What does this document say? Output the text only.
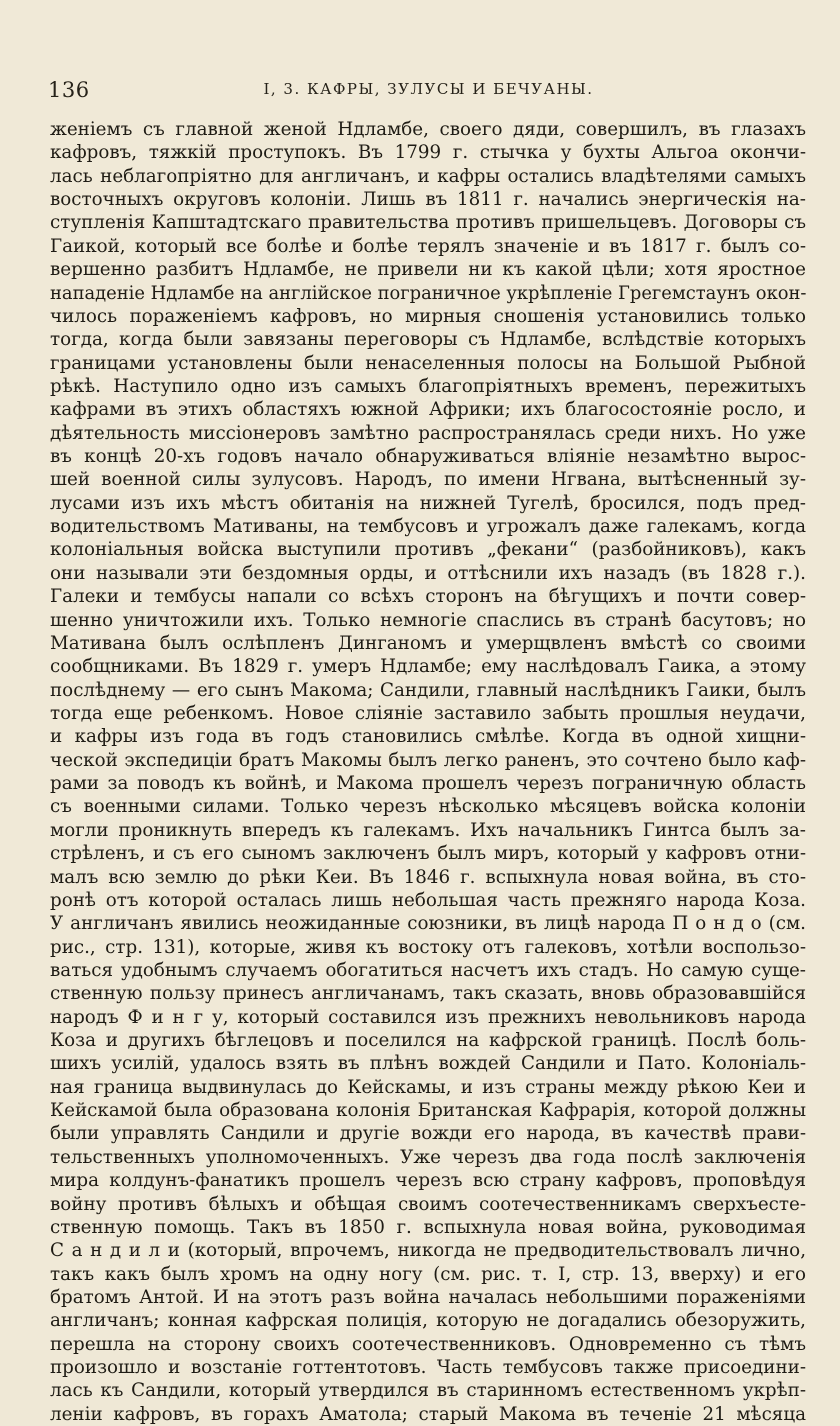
136	I, 3. КАФРЫ, ЗУЛУСЫ И БЕЧУАНЫ.
женіемъ съ главной женой Ндламбе, своего дяди, совершилъ, въ глазахъ
кафровъ, тяжкій проступокъ. Въ 1799 г. стычка у бухты Альгоа окончи-
лась неблагопріятно для англичанъ, и кафры остались владѣтелями самыхъ
восточныхъ округовъ колоніи. Лишь въ 1811 г. начались энергическія на-
ступленія Капштадтскаго правительства противъ пришельцевъ. Договоры съ
Гаикой, который все болѣе и болѣе терялъ значеніе и въ 1817 г. былъ со-
вершенно разбитъ Ндламбе, не привели ни къ какой цѣли; хотя яростное
нападеніе Ндламбе на англійское пограничное укрѣпленіе Грегемстаунъ окон-
чилось пораженіемъ кафровъ, но мирныя сношенія установились только
тогда, когда были завязаны переговоры съ Ндламбе, вслѣдствіе которыхъ
границами установлены были ненаселенныя полосы на Большой Рыбной
рѣкѣ. Наступило одно изъ самыхъ благопріятныхъ временъ, пережитыхъ
кафрами въ этихъ областяхъ южной Африки; ихъ благосостояніе росло, и
дѣятельность миссіонеровъ замѣтно распространялась среди нихъ. Но уже
въ концѣ 20-хъ годовъ начало обнаруживаться вліяніе незамѣтно вырос-
шей военной силы зулусовъ. Народъ, по имени Нгвана, вытѣсненный зу-
лусами изъ ихъ мѣстъ обитанія на нижней Тугелѣ, бросился, подъ пред-
водительствомъ Мативаны, на тембусовъ и угрожалъ даже галекамъ, когда
колоніальныя войска выступили противъ „фекани“ (разбойниковъ), какъ
они называли эти бездомныя орды, и оттѣснили ихъ назадъ (въ 1828 г.).
Галеки и тембусы напали со всѣхъ сторонъ на бѣгущихъ и почти совер-
шенно уничтожили ихъ. Только немногіе спаслись въ странѣ басутовъ; но
Мативана былъ ослѣпленъ Динганомъ и умерщвленъ вмѣстѣ со своими
сообщниками. Въ 1829 г. умеръ Ндламбе; ему наслѣдовалъ Гаика, а этому
послѣднему — его сынъ Макома; Сандили, главный наслѣдникъ Гаики, былъ
тогда еще ребенкомъ. Новое сліяніе заставило забыть прошлыя неудачи,
и кафры изъ года въ годъ становились смѣлѣе. Когда въ одной хищни-
ческой экспедиціи братъ Макомы былъ легко раненъ, это сочтено было каф-
рами за поводъ къ войнѣ, и Макома прошелъ черезъ пограничную область
съ военными силами. Только черезъ нѣсколько мѣсяцевъ войска колоніи
могли проникнуть впередъ къ галекамъ. Ихъ начальникъ Гинтса былъ за-
стрѣленъ, и съ его сыномъ заключенъ былъ миръ, который у кафровъ отни-
малъ всю землю до рѣки Кеи. Въ 1846 г. вспыхнула новая война, въ сто-
ронѣ отъ которой осталась лишь небольшая часть прежняго народа Коза.
У англичанъ явились неожиданные союзники, въ лицѣ народа П о н д о (см.
рис., стр. 131), которые, живя къ востоку отъ галековъ, хотѣли воспользо-
ваться удобнымъ случаемъ обогатиться насчетъ ихъ стадъ. Но самую суще-
ственную пользу принесъ англичанамъ, такъ сказать, вновь образовавшійся
народъ Ф и н г у, который составился изъ прежнихъ невольниковъ народа
Коза и другихъ бѣглецовъ и поселился на кафрской границѣ. Послѣ боль-
шихъ усилій, удалось взять въ плѣнъ вождей Сандили и Пато. Колоніаль-
ная граница выдвинулась до Кейскамы, и изъ страны между рѣкою Кеи и
Кейскамой была образована колонія Британская Кафрарія, которой должны
были управлять Сандили и другіе вожди его народа, въ качествѣ прави-
тельственныхъ уполномоченныхъ. Уже черезъ два года послѣ заключенія
мира колдунъ-фанатикъ прошелъ черезъ всю страну кафровъ, проповѣдуя
войну противъ бѣлыхъ и обѣщая своимъ соотечественникамъ сверхъесте-
ственную помощь. Такъ въ 1850 г. вспыхнула новая война, руководимая
С а н д и л и (который, впрочемъ, никогда не предводительствовалъ лично,
такъ какъ былъ хромъ на одну ногу (см. рис. т. I, стр. 13, вверху) и его
братомъ Антой. И на этотъ разъ война началась небольшими пораженіями
англичанъ; конная кафрская полиція, которую не догадались обезоружить,
перешла на сторону своихъ соотечественниковъ. Одновременно съ тѣмъ
произошло и возстаніе готтентотовъ. Часть тембусовъ также присоедини-
лась къ Сандили, который утвердился въ старинномъ естественномъ укрѣп-
леніи кафровъ, въ горахъ Аматола; старый Макома въ теченіе 21 мѣсяца
